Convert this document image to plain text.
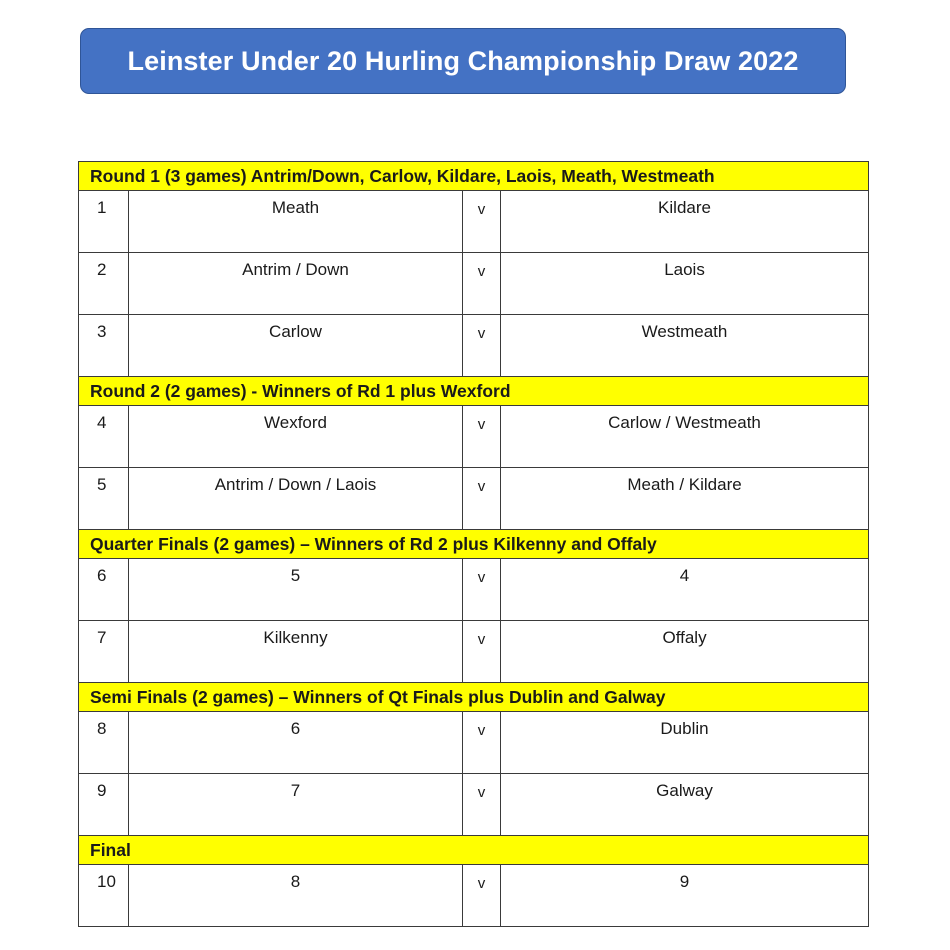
Leinster Under 20 Hurling Championship Draw 2022
Round 1 (3 games) Antrim/Down, Carlow, Kildare, Laois, Meath, Westmeath			
1	Meath	v	Kildare
2	Antrim / Down	v	Laois
3	Carlow	v	Westmeath
Round 2 (2 games) - Winners of Rd 1 plus Wexford			
4	Wexford	v	Carlow / Westmeath
5	Antrim / Down / Laois	v	Meath / Kildare
Quarter Finals (2 games) – Winners of Rd 2 plus Kilkenny and Offaly			
6	5	v	4
7	Kilkenny	v	Offaly
Semi Finals (2 games) – Winners of Qt Finals plus Dublin and Galway			
8	6	v	Dublin
9	7	v	Galway
Final			
10	8	v	9
